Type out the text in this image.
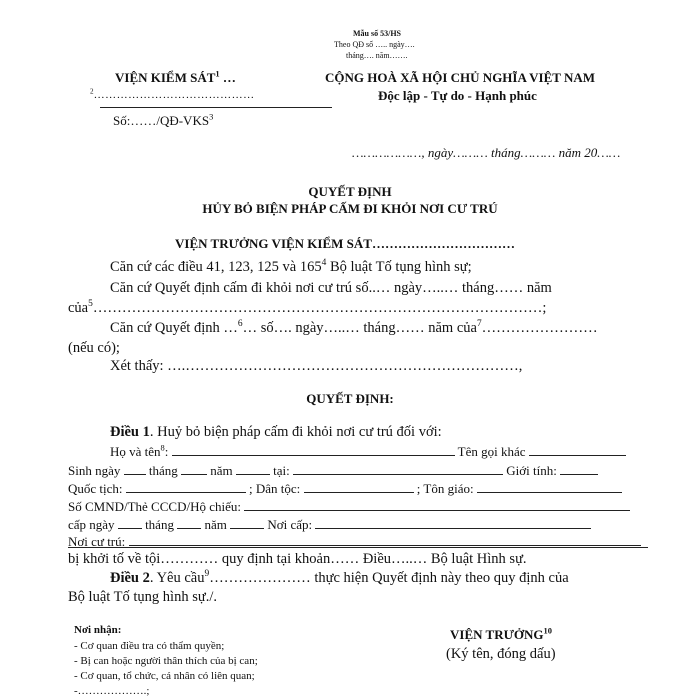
Mẫu số 53/HS
Theo QĐ số ….. ngày….
tháng…. năm…….
VIỆN KIỂM SÁT$^1$ …
$^2$……………………………………
Số:……/QĐ-VKS$^3$
CỘNG HOÀ XÃ HỘI CHỦ NGHĨA VIỆT NAM
Độc lập - Tự do - Hạnh phúc
………………, ngày……… tháng……… năm 20……
QUYẾT ĐỊNH
HỦY BỎ BIỆN PHÁP CẤM ĐI KHỎI NƠI CƯ TRÚ
VIỆN TRƯỞNG VIỆN KIỂM SÁT……………………………
Căn cứ các điều 41, 123, 125 và $165^4$ Bộ luật Tố tụng hình sự;
Căn cứ Quyết định cấm đi khỏi nơi cư trú số..… ngày…..… tháng…… năm
của$^5$…………………………………………………………………………………;
Căn cứ Quyết định …$^6$… số…. ngày…..… tháng…… năm của$^7$……………………
(nếu có);
Xét thấy: ….……………………………………………………………,
QUYẾT ĐỊNH:
Điều 1. Huỷ bỏ biện pháp cấm đi khỏi nơi cư trú đối với:
Họ và tên$^8$:	Tên gọi khác
Sinh ngày tháng	năm	tại:	Giới tính:
Quốc tịch:	; Dân tộc:	; Tôn giáo:
Số CMND/Thẻ CCCD/Hộ chiếu:
cấp ngày tháng năm	Nơi cấp:
Nơi cư trú:
bị khởi tố về tội………… quy định tại khoản…… Điều…..… Bộ luật Hình sự.
Điều 2. Yêu cầu$^9$………………… thực hiện Quyết định này theo quy định của
Bộ luật Tố tụng hình sự./.
Nơi nhận:
- Cơ quan điều tra có thẩm quyền;
- Bị can hoặc người thân thích của bị can;
- Cơ quan, tổ chức, cá nhân có liên quan;
-……………….;
VIỆN TRƯỞNG$^{10}$
(Ký tên, đóng dấu)
